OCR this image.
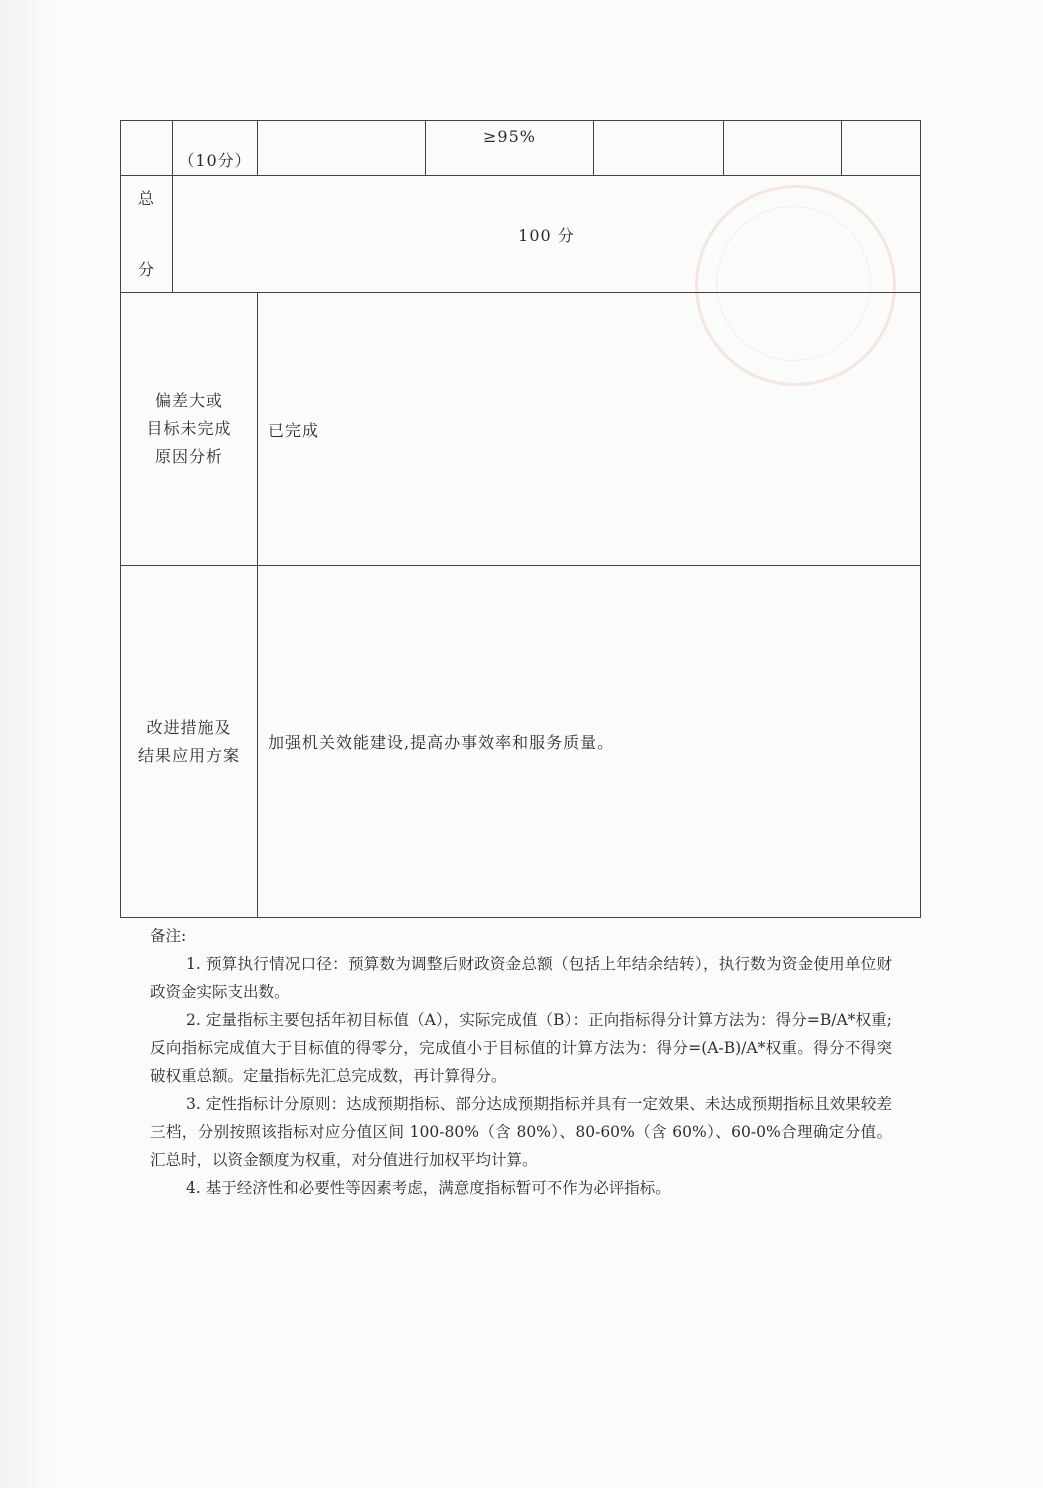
	（10分）		≥95%			

总
分	100 分					

偏差大或
目标未完成
原因分析		已完成				

改进措施及
结果应用方案		加强机关效能建设,提高办事效率和服务质量。				

备注:

1. 预算执行情况口径：预算数为调整后财政资金总额（包括上年结余结转），执行数为资金使用单位财政资金实际支出数。

2. 定量指标主要包括年初目标值（A），实际完成值（B）：正向指标得分计算方法为：得分=B/A*权重;反向指标完成值大于目标值的得零分，完成值小于目标值的计算方法为：得分=(A-B)/A*权重。得分不得突破权重总额。定量指标先汇总完成数，再计算得分。

3. 定性指标计分原则：达成预期指标、部分达成预期指标并具有一定效果、未达成预期指标且效果较差三档，分别按照该指标对应分值区间 100-80%（含 80%）、80-60%（含 60%）、60-0%合理确定分值。汇总时，以资金额度为权重，对分值进行加权平均计算。

4. 基于经济性和必要性等因素考虑，满意度指标暂可不作为必评指标。
